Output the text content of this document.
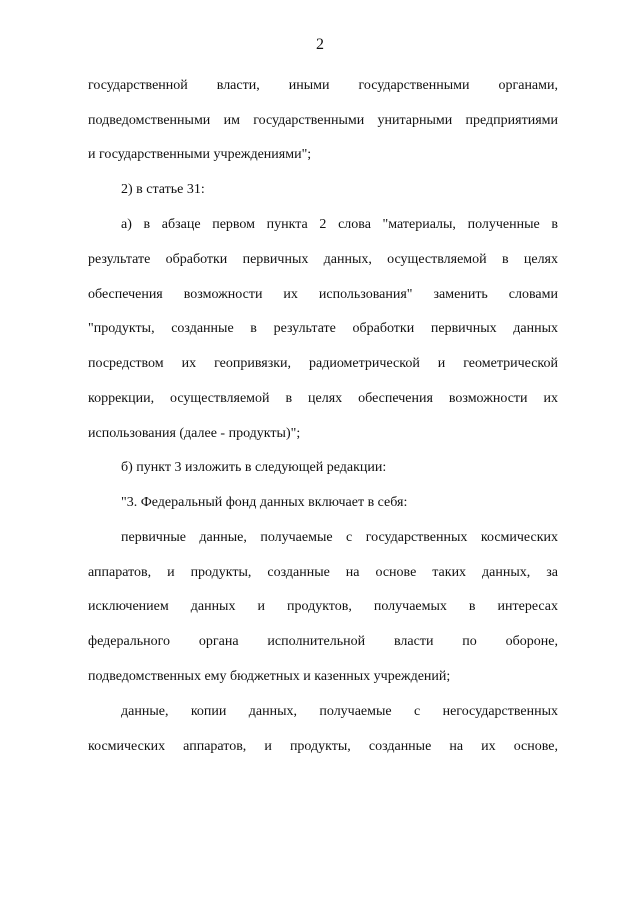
2
государственной власти, иными государственными органами,
подведомственными им государственными унитарными предприятиями
и государственными учреждениями";
2) в статье 31:
а) в абзаце первом пункта 2 слова "материалы, полученные в
результате обработки первичных данных, осуществляемой в целях
обеспечения возможности их использования" заменить словами
"продукты, созданные в результате обработки первичных данных
посредством их геопривязки, радиометрической и геометрической
коррекции, осуществляемой в целях обеспечения возможности их
использования (далее - продукты)";
б) пункт 3 изложить в следующей редакции:
"3. Федеральный фонд данных включает в себя:
первичные данные, получаемые с государственных космических
аппаратов, и продукты, созданные на основе таких данных, за
исключением данных и продуктов, получаемых в интересах
федерального органа исполнительной власти по обороне,
подведомственных ему бюджетных и казенных учреждений;
данные, копии данных, получаемые с негосударственных
космических аппаратов, и продукты, созданные на их основе,
